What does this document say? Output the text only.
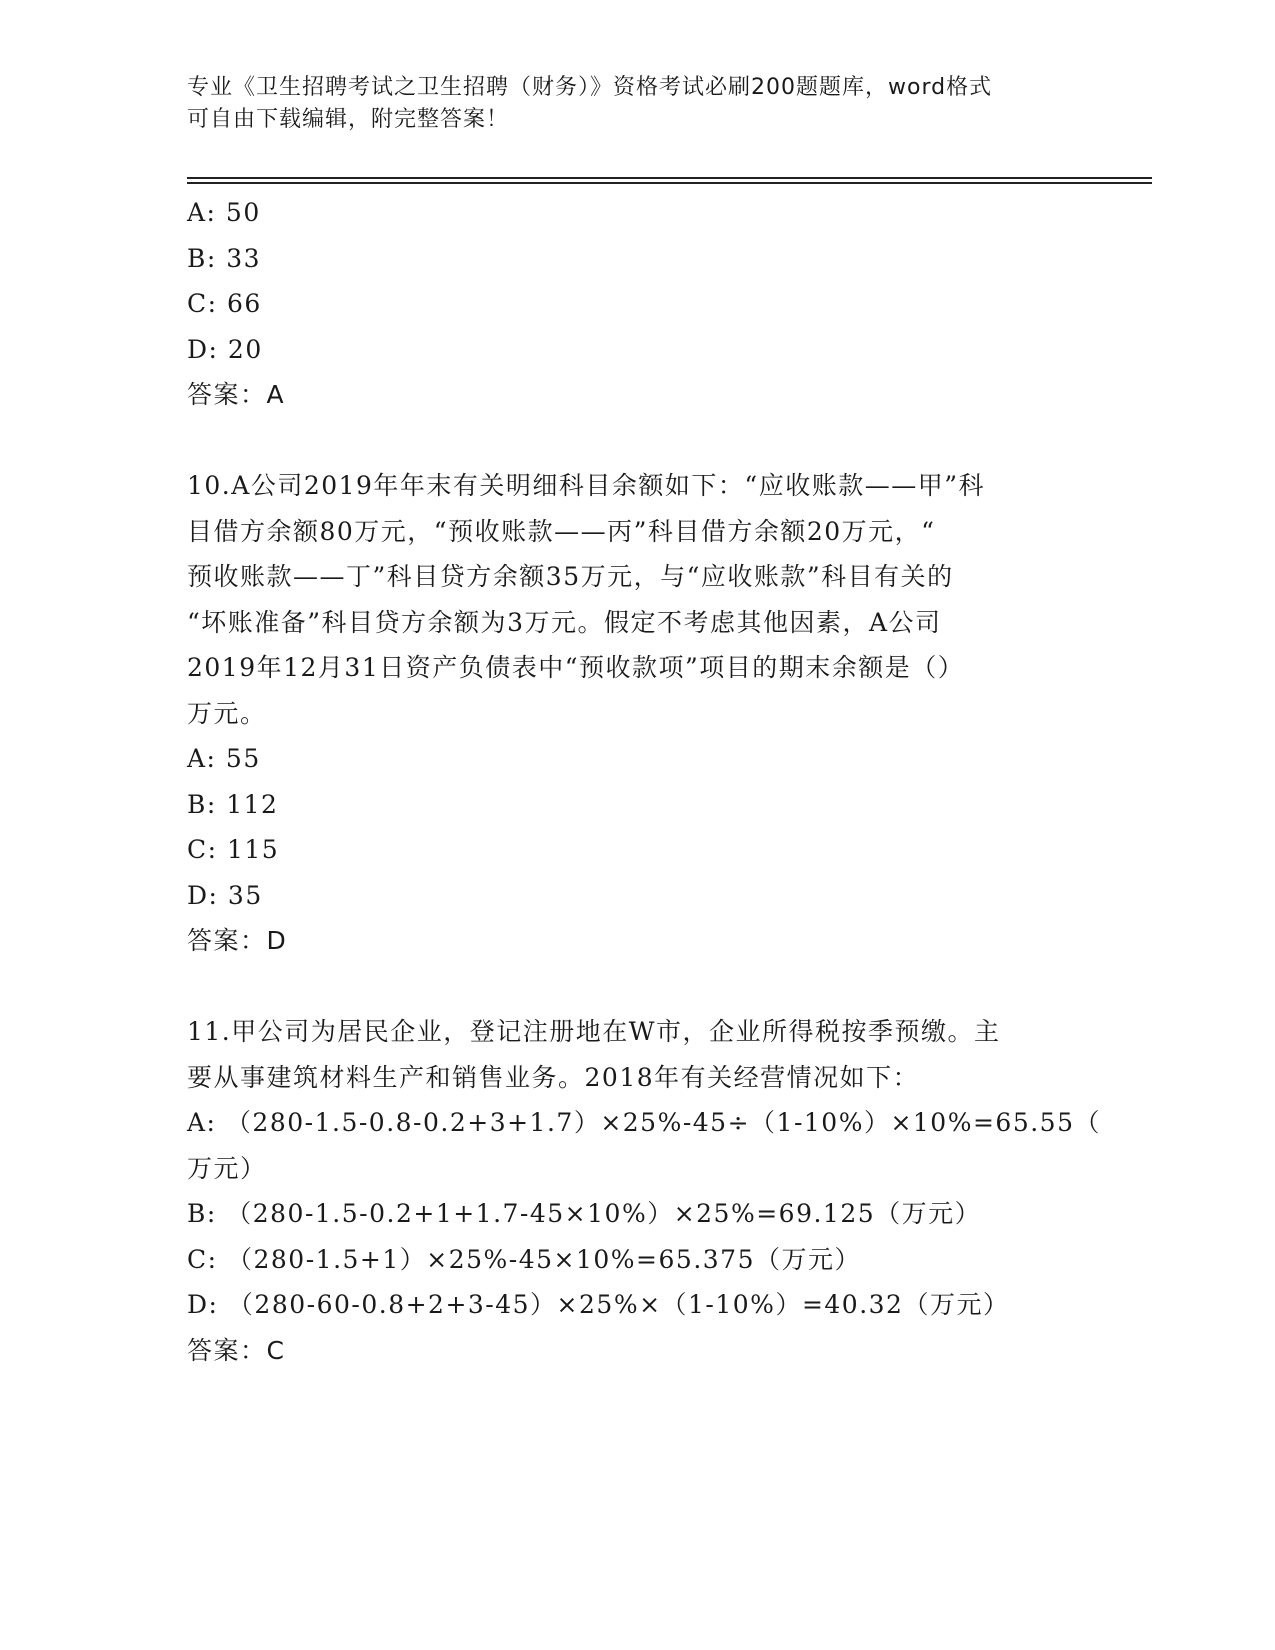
专业《卫生招聘考试之卫生招聘（财务）》资格考试必刷200题题库，word格式
可自由下载编辑，附完整答案！
A: 50
B: 33
C: 66
D: 20
答案：A
10.A公司2019年年末有关明细科目余额如下：“应收账款——甲”科
目借方余额80万元，“预收账款——丙”科目借方余额20万元，“
预收账款——丁”科目贷方余额35万元，与“应收账款”科目有关的
“坏账准备”科目贷方余额为3万元。假定不考虑其他因素，A公司
2019年12月31日资产负债表中“预收款项”项目的期末余额是（）
万元。
A: 55
B: 112
C: 115
D: 35
答案：D
11.甲公司为居民企业，登记注册地在W市，企业所得税按季预缴。主
要从事建筑材料生产和销售业务。2018年有关经营情况如下：
A: （280-1.5-0.8-0.2+3+1.7）×25%-45÷（1-10%）×10%=65.55（
万元）
B: （280-1.5-0.2+1+1.7-45×10%）×25%=69.125（万元）
C: （280-1.5+1）×25%-45×10%=65.375（万元）
D: （280-60-0.8+2+3-45）×25%×（1-10%）=40.32（万元）
答案：C
